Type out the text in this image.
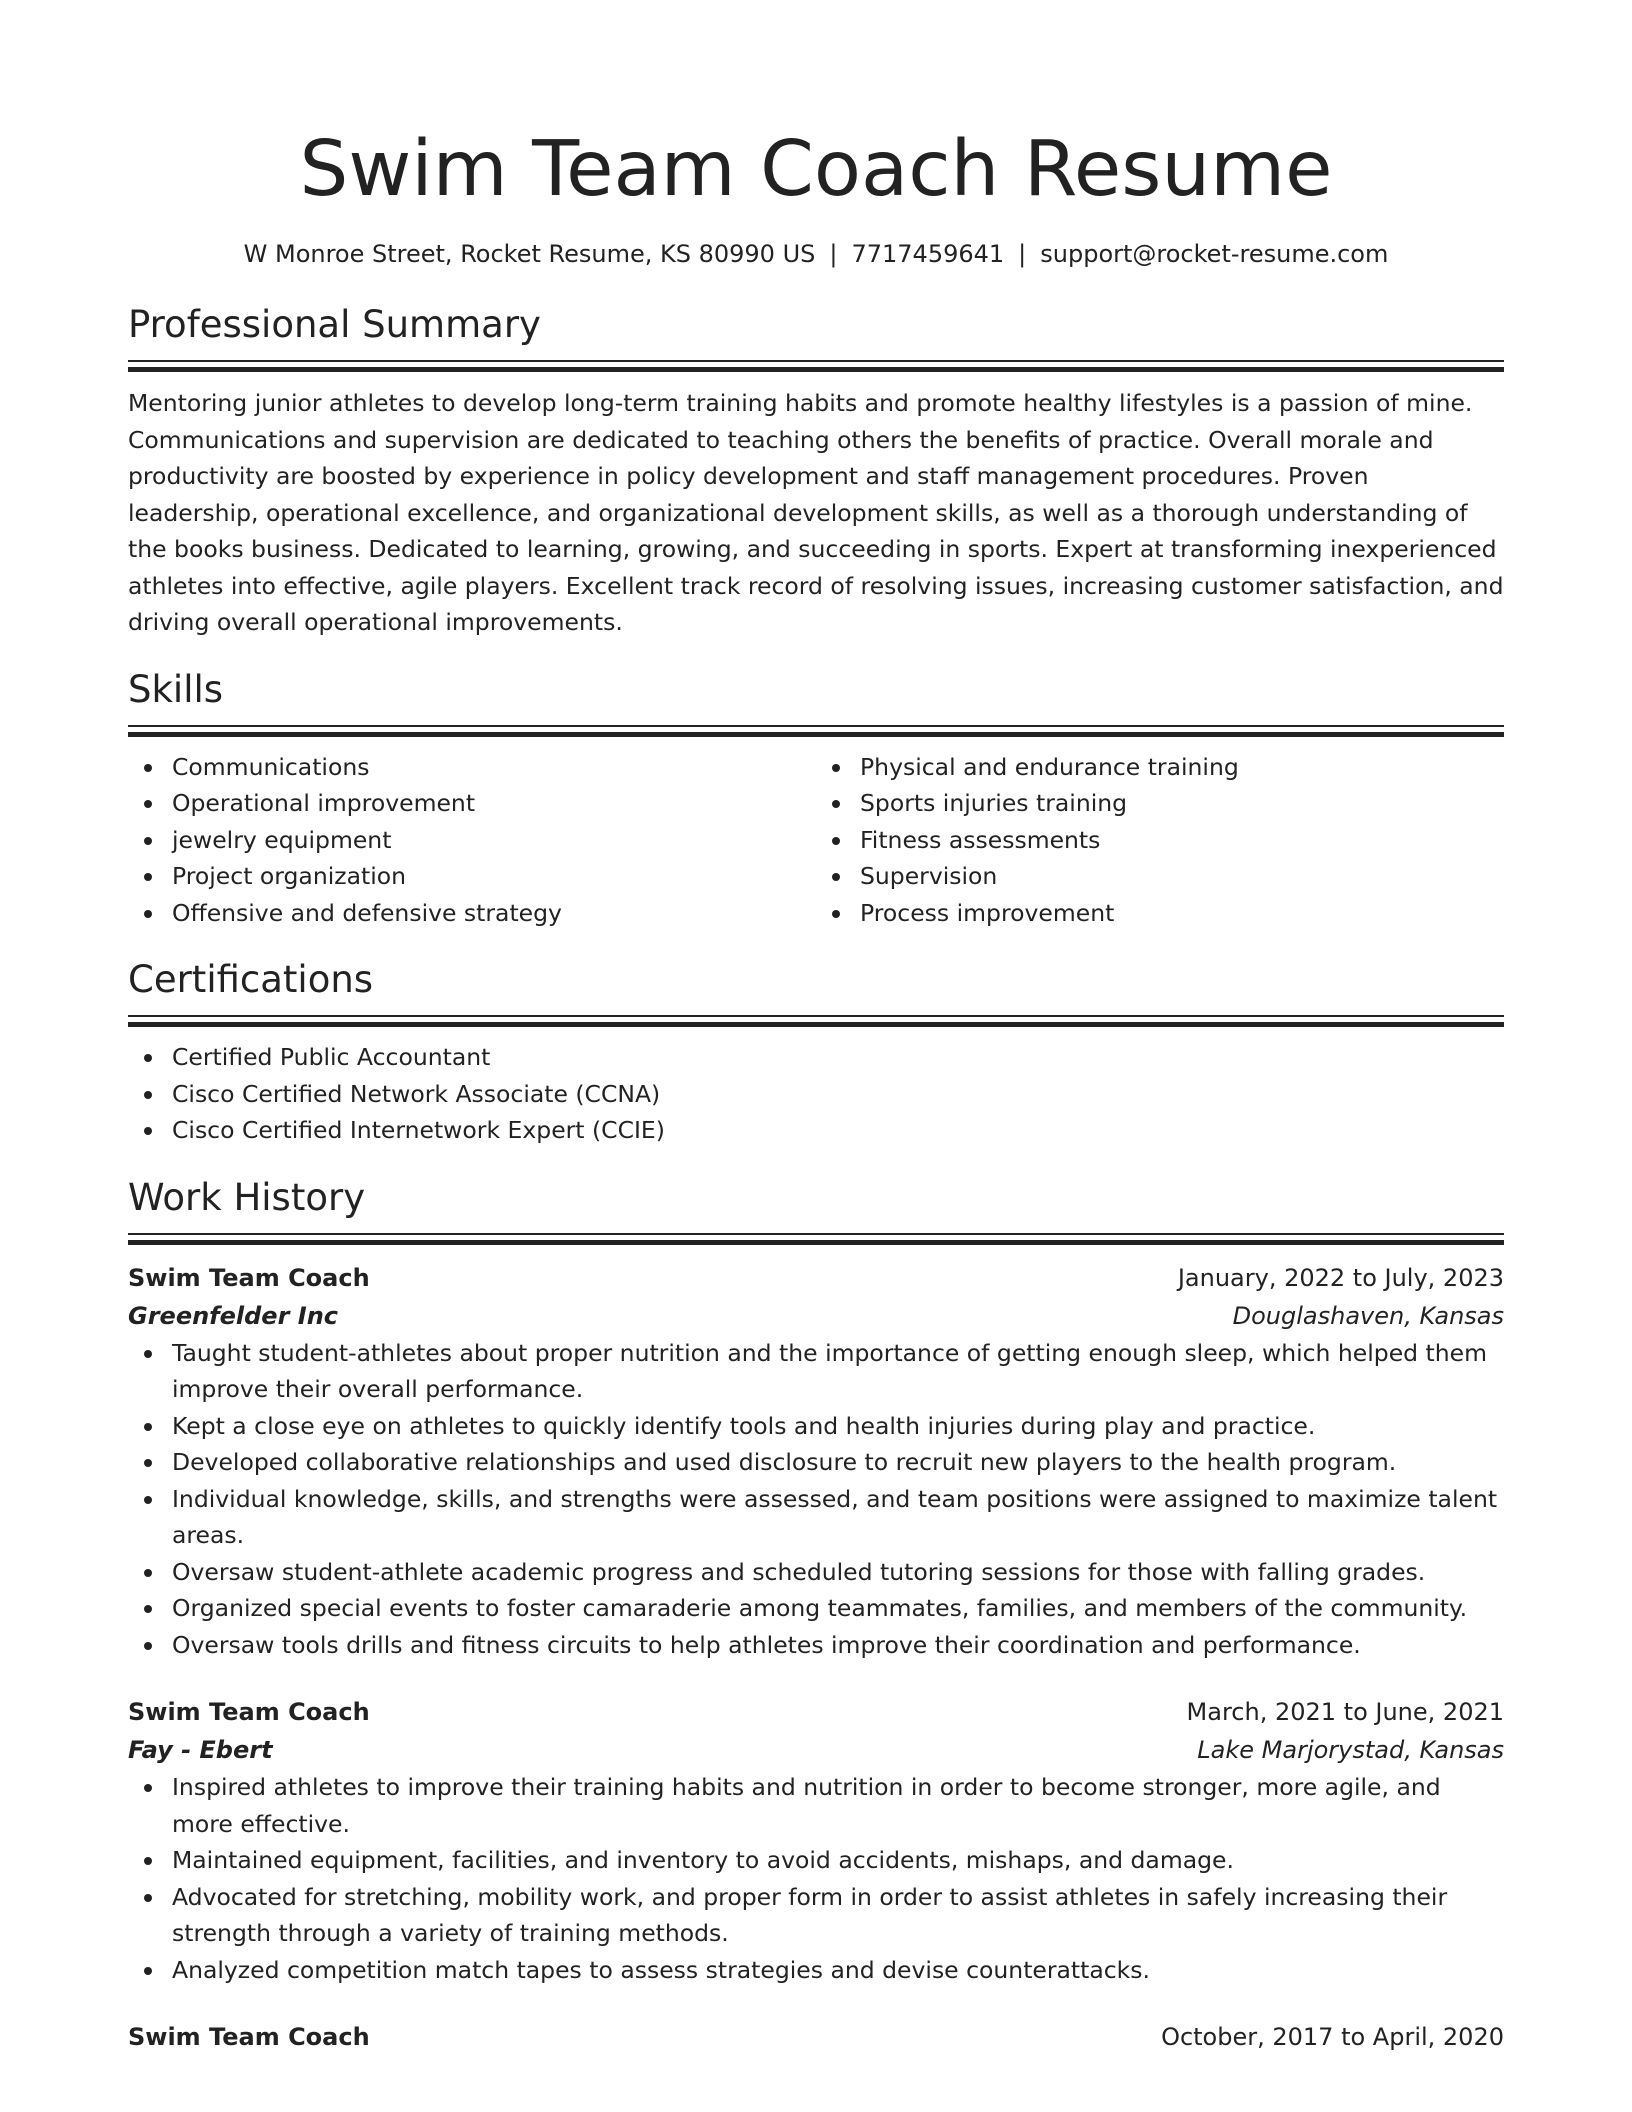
Swim Team Coach Resume
W Monroe Street, Rocket Resume, KS 80990 US | 7717459641 | support@rocket-resume.com
Professional Summary

Mentoring junior athletes to develop long-term training habits and promote healthy lifestyles is a passion of mine. Communications and supervision are dedicated to teaching others the benefits of practice. Overall morale and productivity are boosted by experience in policy development and staff management procedures. Proven leadership, operational excellence, and organizational development skills, as well as a thorough understanding of the books business. Dedicated to learning, growing, and succeeding in sports. Expert at transforming inexperienced athletes into effective, agile players. Excellent track record of resolving issues, increasing customer satisfaction, and driving overall operational improvements.

Skills
Communications
Operational improvement
jewelry equipment
Project organization
Offensive and defensive strategy
Physical and endurance training
Sports injuries training
Fitness assessments
Supervision
Process improvement
Certifications
Certified Public Accountant
Cisco Certified Network Associate (CCNA)
Cisco Certified Internetwork Expert (CCIE)
Work History
Swim Team Coach	January, 2022 to July, 2023
Greenfelder Inc	Douglashaven, Kansas
Taught student-athletes about proper nutrition and the importance of getting enough sleep, which helped them improve their overall performance.
Kept a close eye on athletes to quickly identify tools and health injuries during play and practice.
Developed collaborative relationships and used disclosure to recruit new players to the health program.
Individual knowledge, skills, and strengths were assessed, and team positions were assigned to maximize talent areas.
Oversaw student-athlete academic progress and scheduled tutoring sessions for those with falling grades.
Organized special events to foster camaraderie among teammates, families, and members of the community.
Oversaw tools drills and fitness circuits to help athletes improve their coordination and performance.
Swim Team Coach	March, 2021 to June, 2021
Fay - Ebert	Lake Marjorystad, Kansas
Inspired athletes to improve their training habits and nutrition in order to become stronger, more agile, and more effective.
Maintained equipment, facilities, and inventory to avoid accidents, mishaps, and damage.
Advocated for stretching, mobility work, and proper form in order to assist athletes in safely increasing their strength through a variety of training methods.
Analyzed competition match tapes to assess strategies and devise counterattacks.
Swim Team Coach	October, 2017 to April, 2020
